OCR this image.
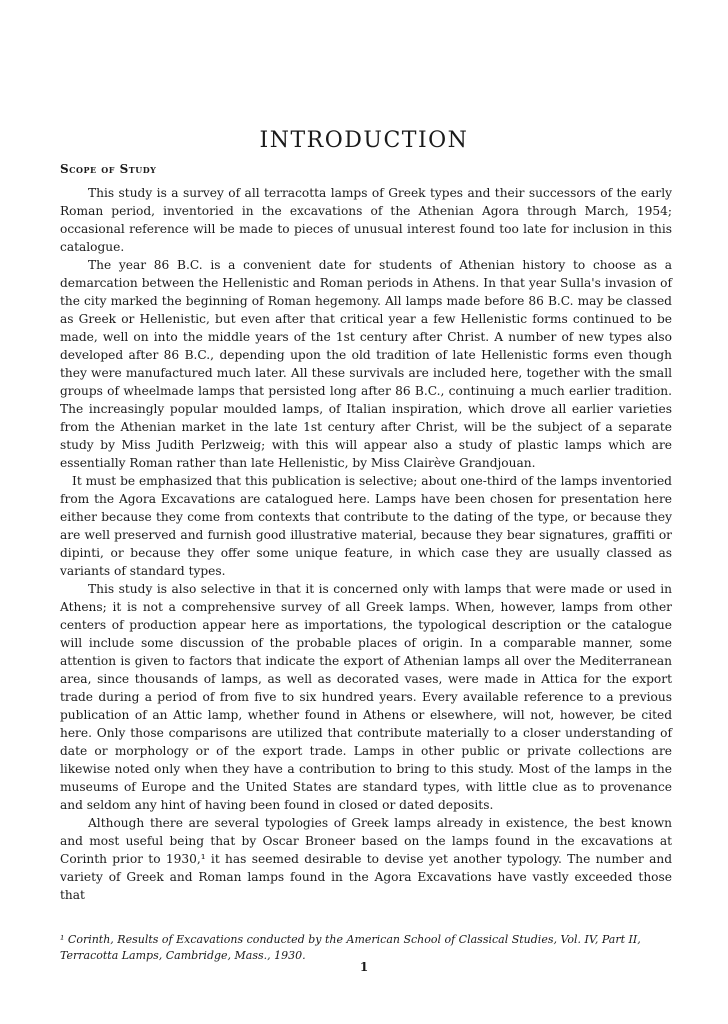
INTRODUCTION
Scope of Study

This study is a survey of all terracotta lamps of Greek types and their successors of the early Roman period, inventoried in the excavations of the Athenian Agora through March, 1954; occasional reference will be made to pieces of unusual interest found too late for inclusion in this catalogue.

The year 86 B.C. is a convenient date for students of Athenian history to choose as a demarcation between the Hellenistic and Roman periods in Athens. In that year Sulla's invasion of the city marked the beginning of Roman hegemony. All lamps made before 86 B.C. may be classed as Greek or Hellenistic, but even after that critical year a few Hellenistic forms continued to be made, well on into the middle years of the 1st century after Christ. A number of new types also developed after 86 B.C., depending upon the old tradition of late Hellenistic forms even though they were manufactured much later. All these survivals are included here, together with the small groups of wheelmade lamps that persisted long after 86 B.C., continuing a much earlier tradition. The increasingly popular moulded lamps, of Italian inspiration, which drove all earlier varieties from the Athenian market in the late 1st century after Christ, will be the subject of a separate study by Miss Judith Perlzweig; with this will appear also a study of plastic lamps which are essentially Roman rather than late Hellenistic, by Miss Clairève Grandjouan.

It must be emphasized that this publication is selective; about one-third of the lamps inventoried from the Agora Excavations are catalogued here. Lamps have been chosen for presentation here either because they come from contexts that contribute to the dating of the type, or because they are well preserved and furnish good illustrative material, because they bear signatures, graffiti or dipinti, or because they offer some unique feature, in which case they are usually classed as variants of standard types.

This study is also selective in that it is concerned only with lamps that were made or used in Athens; it is not a comprehensive survey of all Greek lamps. When, however, lamps from other centers of production appear here as importations, the typological description or the catalogue will include some discussion of the probable places of origin. In a comparable manner, some attention is given to factors that indicate the export of Athenian lamps all over the Mediterranean area, since thousands of lamps, as well as decorated vases, were made in Attica for the export trade during a period of from five to six hundred years. Every available reference to a previous publication of an Attic lamp, whether found in Athens or elsewhere, will not, however, be cited here. Only those comparisons are utilized that contribute materially to a closer understanding of date or morphology or of the export trade. Lamps in other public or private collections are likewise noted only when they have a contribution to bring to this study. Most of the lamps in the museums of Europe and the United States are standard types, with little clue as to provenance and seldom any hint of having been found in closed or dated deposits.

Although there are several typologies of Greek lamps already in existence, the best known and most useful being that by Oscar Broneer based on the lamps found in the excavations at Corinth prior to 1930,¹ it has seemed desirable to devise yet another typology. The number and variety of Greek and Roman lamps found in the Agora Excavations have vastly exceeded those that

¹ Corinth, Results of Excavations conducted by the American School of Classical Studies, Vol. IV, Part II, Terracotta Lamps, Cambridge, Mass., 1930.
1
